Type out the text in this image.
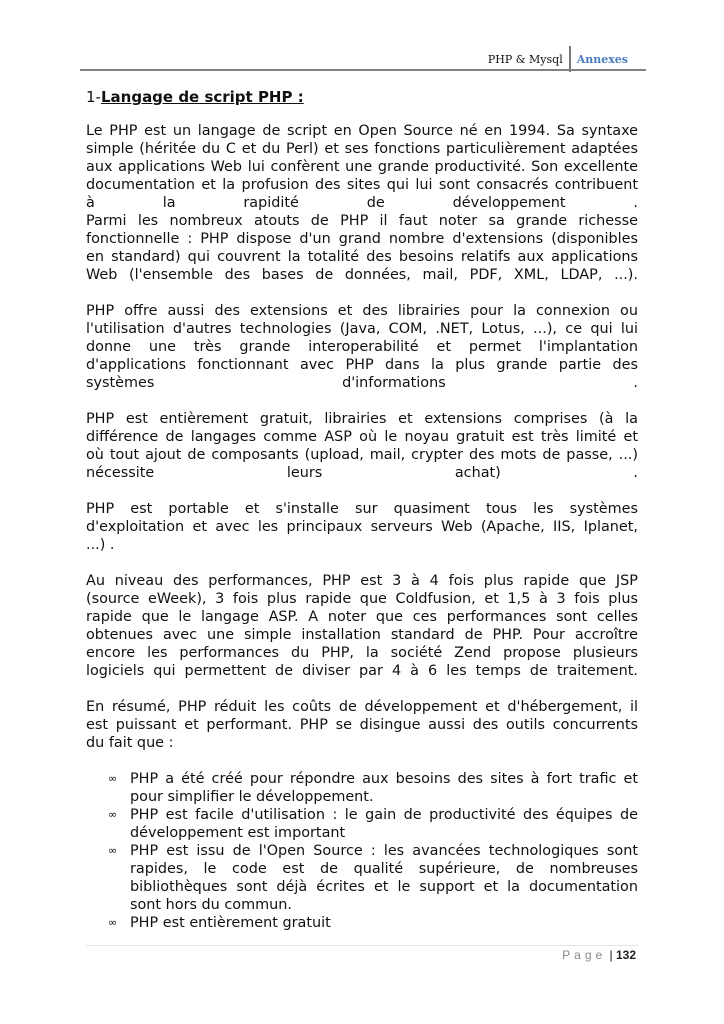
PHP & Mysql	Annexes
1-Langage de script PHP :
Le PHP est un langage de script en Open Source né en 1994. Sa syntaxe
simple (héritée du C et du Perl) et ses fonctions particulièrement adaptées
aux applications Web lui confèrent une grande productivité. Son excellente
documentation et la profusion des sites qui lui sont consacrés contribuent
à la rapidité de développement .
Parmi les nombreux atouts de PHP il faut noter sa grande richesse
fonctionnelle : PHP dispose d'un grand nombre d'extensions (disponibles
en standard) qui couvrent la totalité des besoins relatifs aux applications
Web (l'ensemble des bases de données, mail, PDF, XML, LDAP, ...).
PHP offre aussi des extensions et des librairies pour la connexion ou
l'utilisation d'autres technologies (Java, COM, .NET, Lotus, ...), ce qui lui
donne une très grande interoperabilité et permet l'implantation
d'applications fonctionnant avec PHP dans la plus grande partie des
systèmes d'informations .
PHP est entièrement gratuit, librairies et extensions comprises (à la
différence de langages comme ASP où le noyau gratuit est très limité et
où tout ajout de composants (upload, mail, crypter des mots de passe, ...)
nécessite leurs achat) .
PHP est portable et s'installe sur quasiment tous les systèmes
d'exploitation et avec les principaux serveurs Web (Apache, IIS, Iplanet,
...) .
Au niveau des performances, PHP est 3 à 4 fois plus rapide que JSP
(source eWeek), 3 fois plus rapide que Coldfusion, et 1,5 à 3 fois plus
rapide que le langage ASP. A noter que ces performances sont celles
obtenues avec une simple installation standard de PHP. Pour accroître
encore les performances du PHP, la société Zend propose plusieurs
logiciels qui permettent de diviser par 4 à 6 les temps de traitement.
En résumé, PHP réduit les coûts de développement et d'hébergement, il
est puissant et performant. PHP se disingue aussi des outils concurrents
du fait que :
∞ PHP a été créé pour répondre aux besoins des sites à fort trafic et
pour simplifier le développement.
∞ PHP est facile d'utilisation : le gain de productivité des équipes de
développement est important
∞ PHP est issu de l'Open Source : les avancées technologiques sont
rapides, le code est de qualité supérieure, de nombreuses
bibliothèques sont déjà écrites et le support et la documentation
sont hors du commun.
∞ PHP est entièrement gratuit
Page | 132
